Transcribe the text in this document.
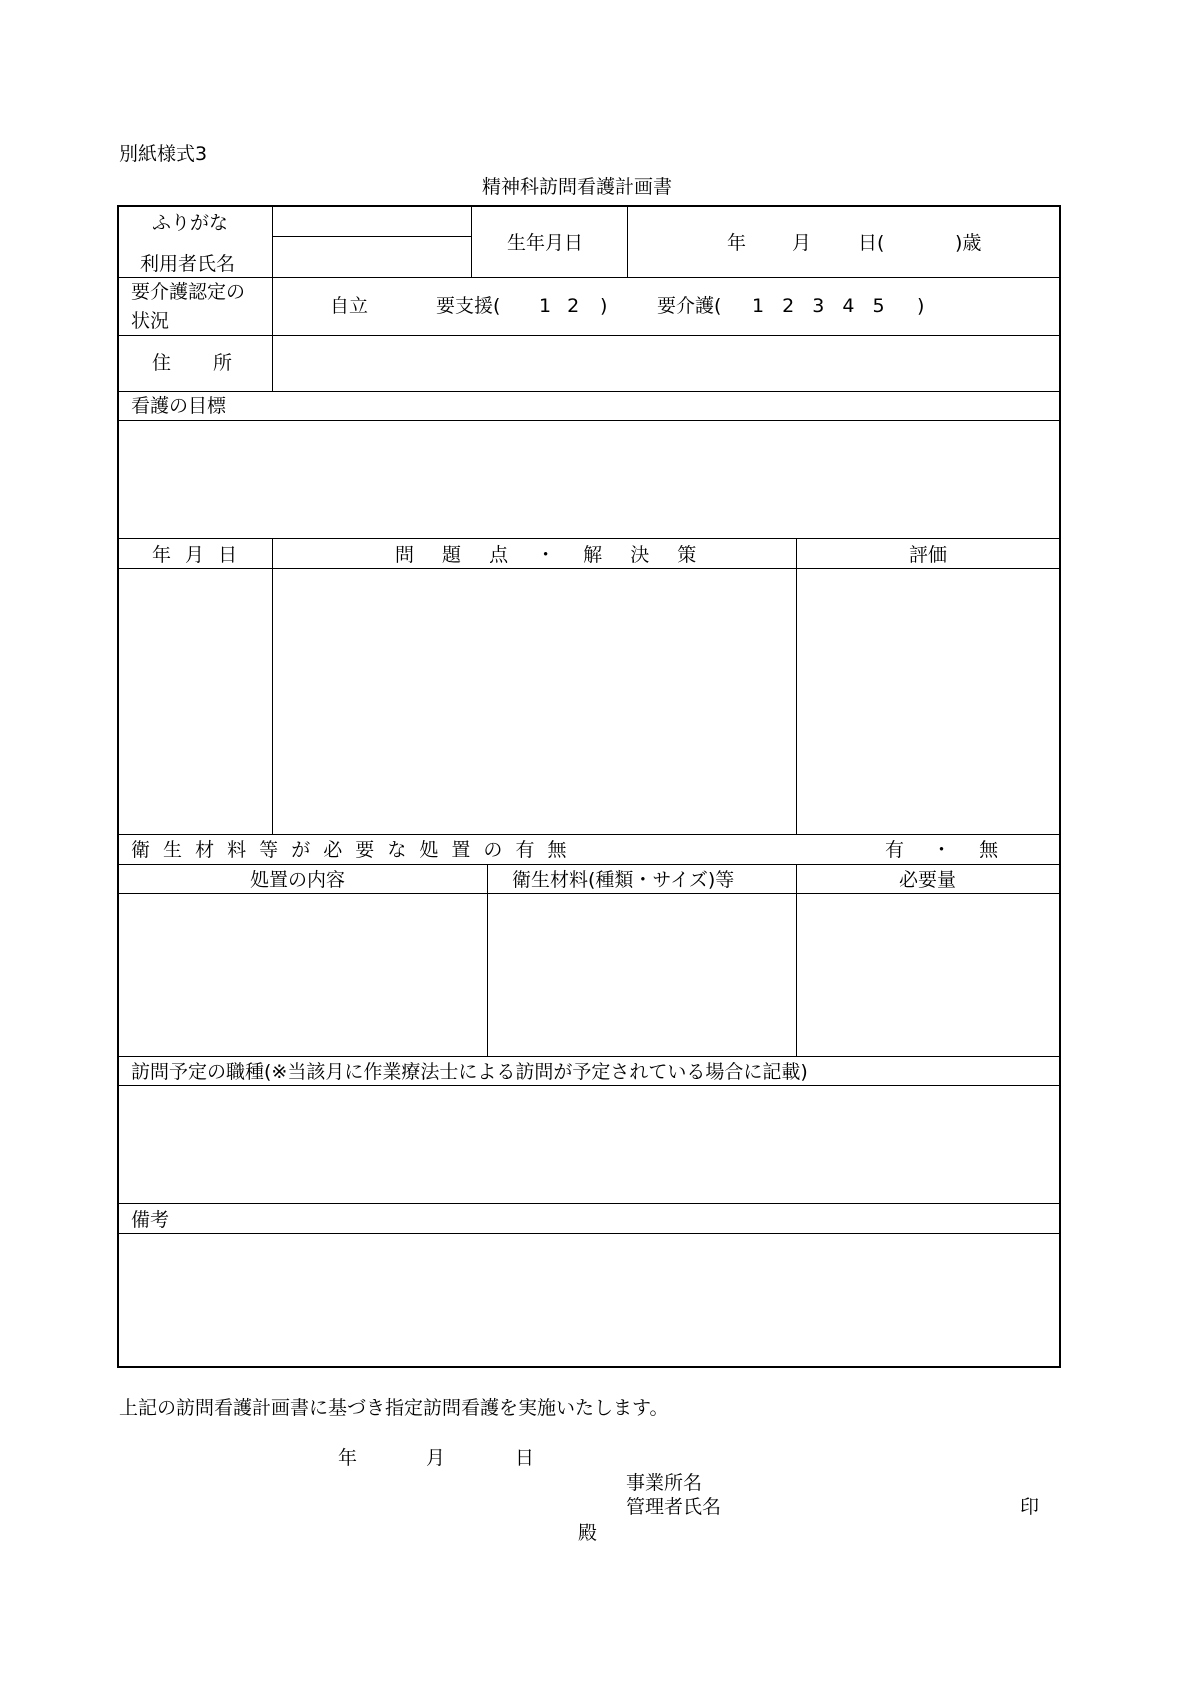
別紙様式3
精神科訪問看護計画書
ふりがな
利用者氏名
生年月日	年 月 日(	)歳
要介護認定の
状況
自立	要支援( 1 2 )	要介護( 1 2 3 4 5 )
住 所
看護の目標
年 月 日	問 題 点 ・ 解 決 策	評価
衛 生 材 料 等 が 必 要 な 処 置 の 有 無	有 ・ 無
処置の内容	衛生材料(種類・サイズ)等	必要量
訪問予定の職種(※当該月に作業療法士による訪問が予定されている場合に記載)
備考
上記の訪問看護計画書に基づき指定訪問看護を実施いたします。
年	月	日
事業所名
管理者氏名	印
殿
